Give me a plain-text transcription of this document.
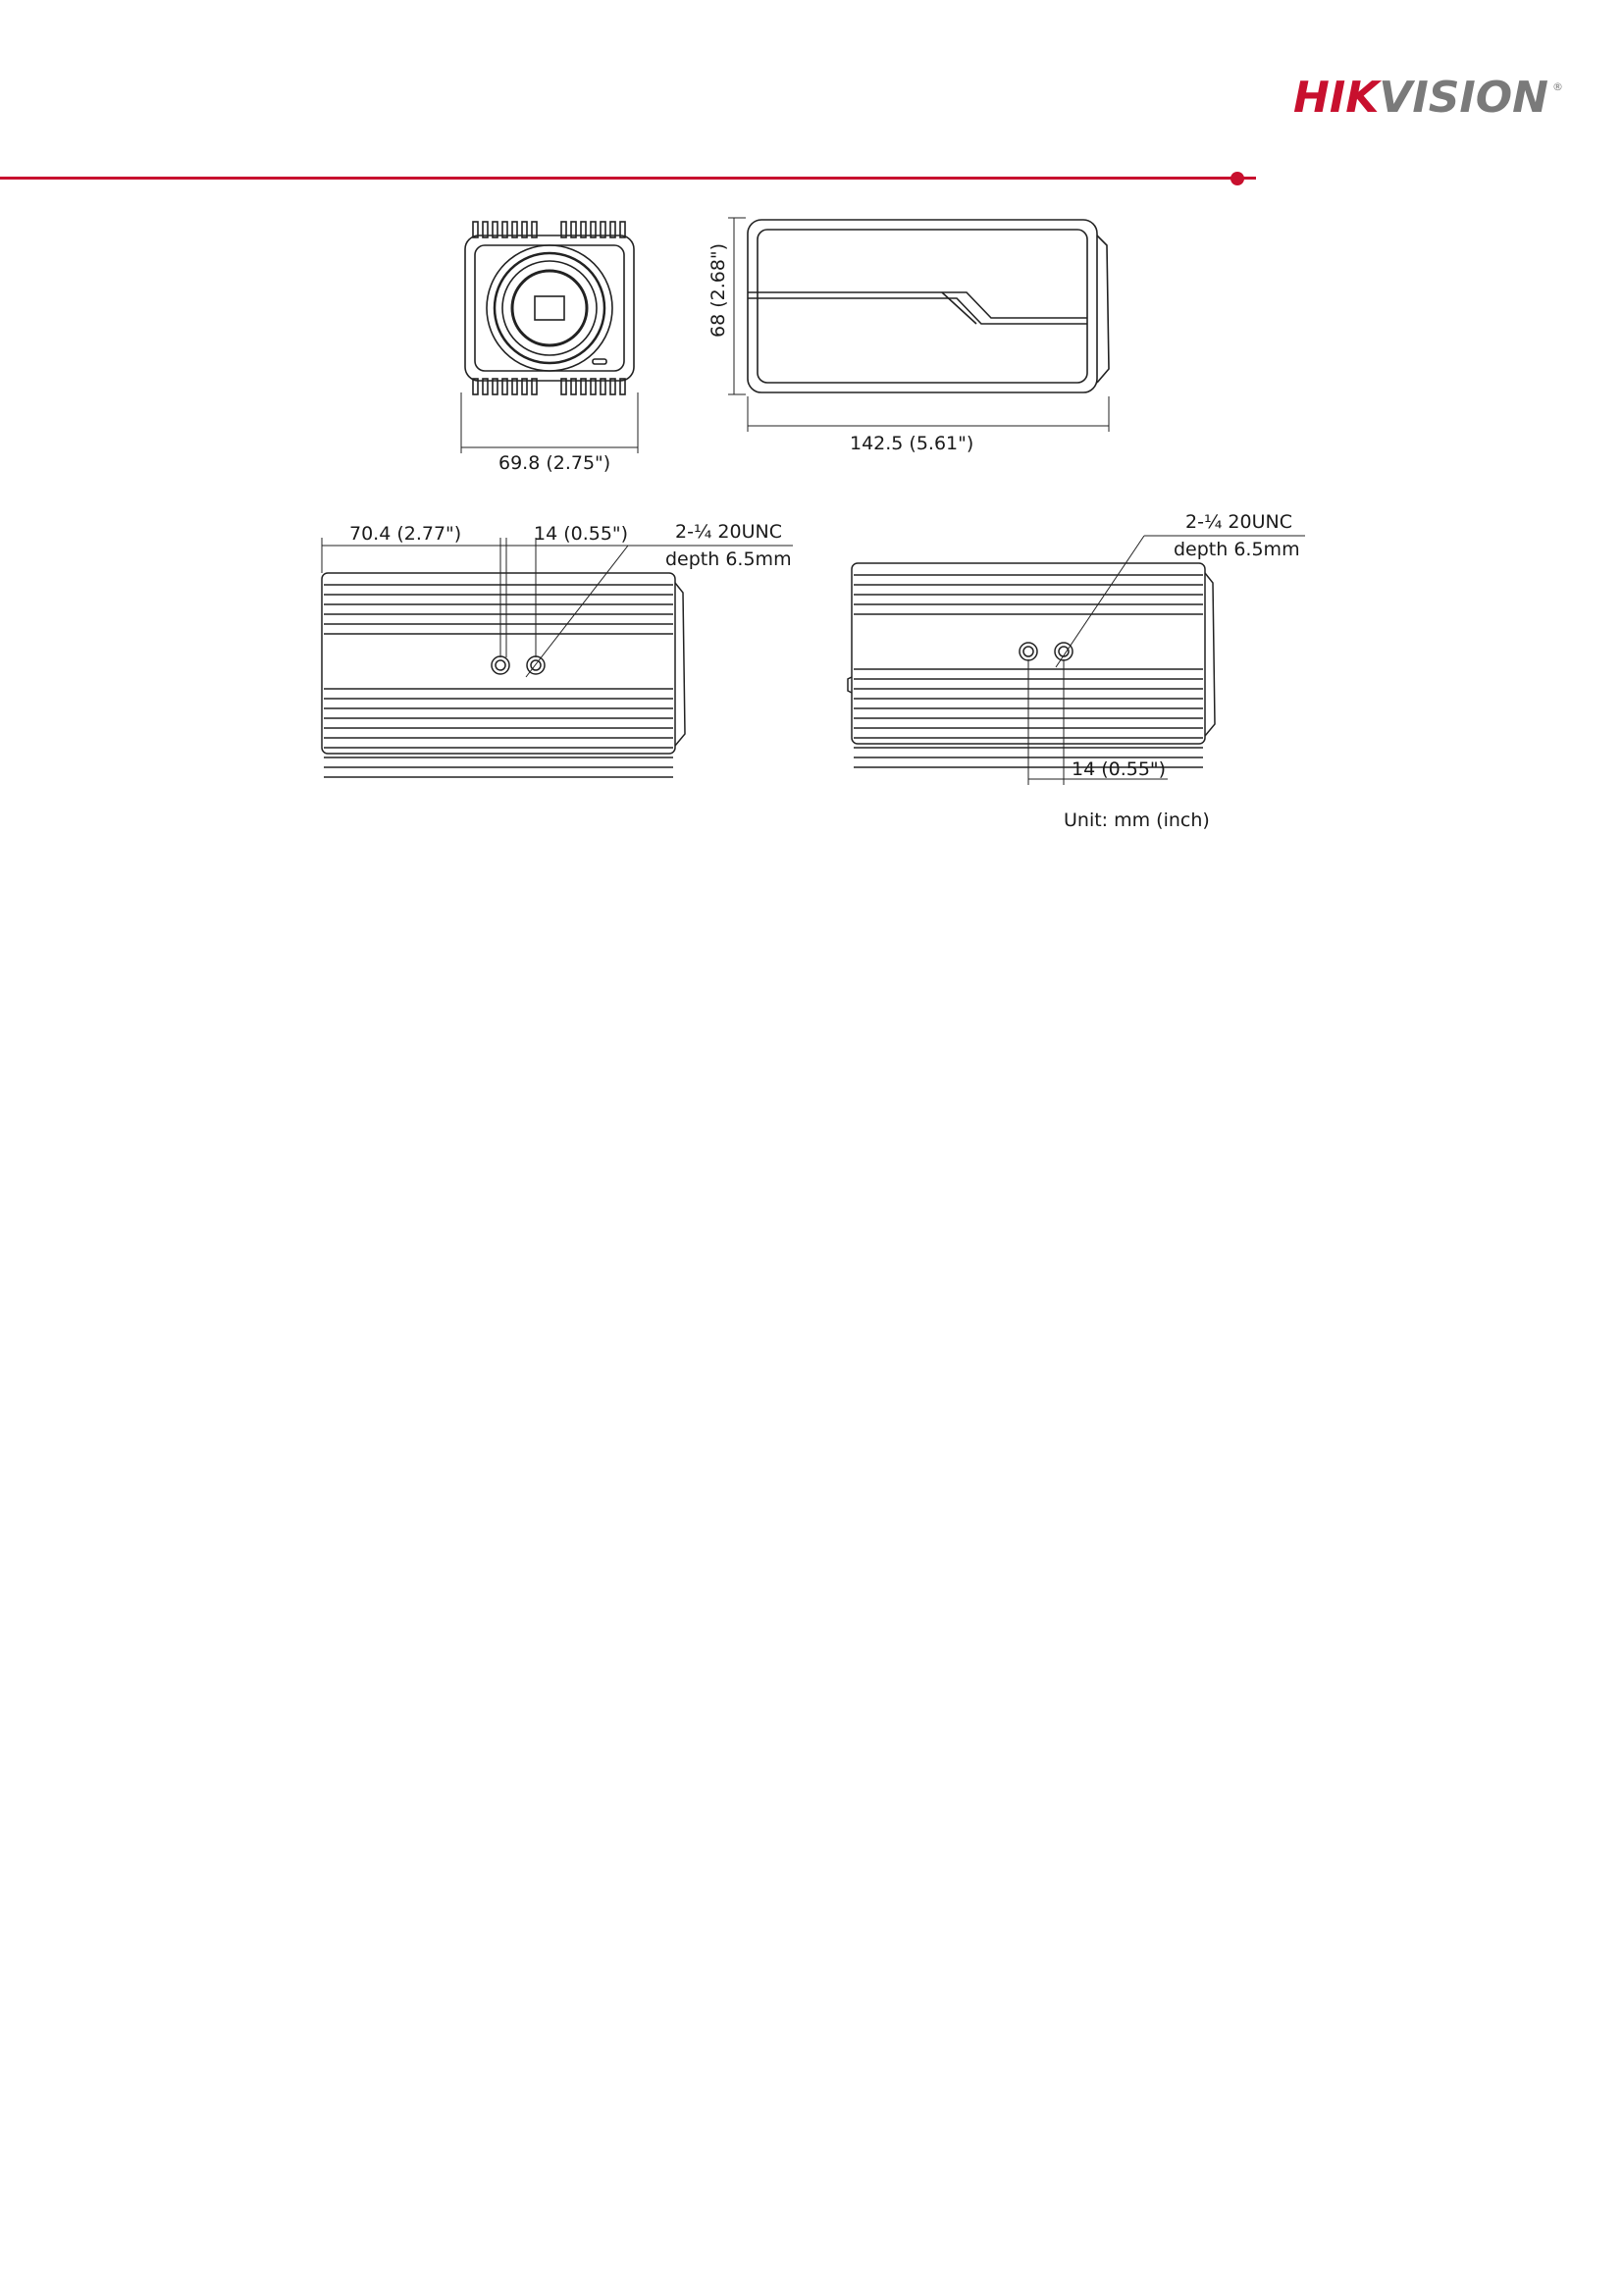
HIKVISION ®
69.8 (2.75")
68 (2.68")
142.5 (5.61")
70.4 (2.77")	14 (0.55")	2-¼ 20UNC
depth 6.5mm
2-¼ 20UNC
depth 6.5mm
14 (0.55")
Unit: mm (inch)
